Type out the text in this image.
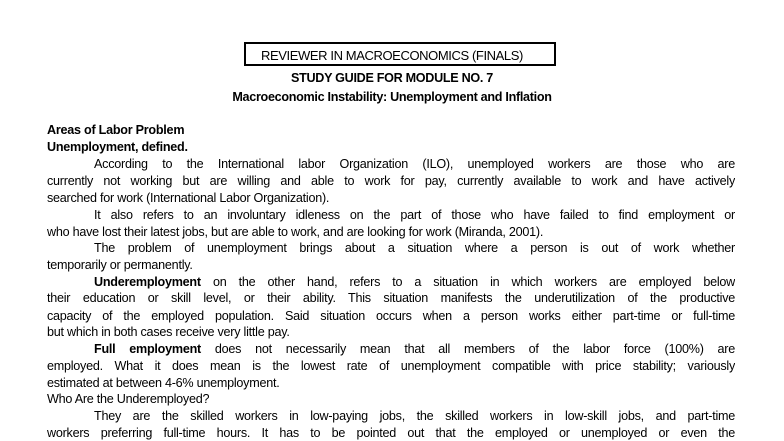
REVIEWER IN MACROECONOMICS (FINALS)
STUDY GUIDE FOR MODULE NO. 7
Macroeconomic Instability: Unemployment and Inflation
Areas of Labor Problem
Unemployment, defined.
According to the International labor Organization (ILO), unemployed workers are those who are
currently not working but are willing and able to work for pay, currently available to work and have actively
searched for work (International Labor Organization).
It also refers to an involuntary idleness on the part of those who have failed to find employment or
who have lost their latest jobs, but are able to work, and are looking for work (Miranda, 2001).
The problem of unemployment brings about a situation where a person is out of work whether
temporarily or permanently.
Underemployment on the other hand, refers to a situation in which workers are employed below
their education or skill level, or their ability. This situation manifests the underutilization of the productive
capacity of the employed population. Said situation occurs when a person works either part-time or full-time
but which in both cases receive very little pay.
Full employment does not necessarily mean that all members of the labor force (100%) are
employed. What it does mean is the lowest rate of unemployment compatible with price stability; variously
estimated at between 4-6% unemployment.
Who Are the Underemployed?
They are the skilled workers in low-paying jobs, the skilled workers in low-skill jobs, and part-time
workers preferring full-time hours. It has to be pointed out that the employed or unemployed or even the
